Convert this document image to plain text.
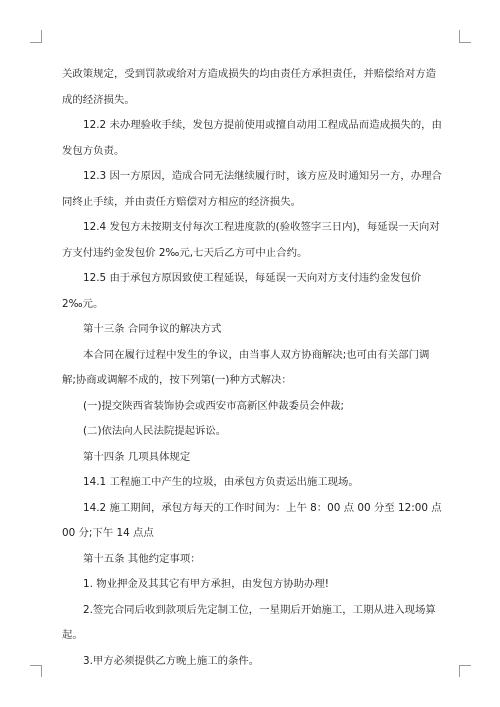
关政策规定，受到罚款或给对方造成损失的均由责任方承担责任，并赔偿给对方造成的经济损失。

12.2 未办理验收手续，发包方提前使用或擅自动用工程成品而造成损失的，由发包方负责。

12.3 因一方原因，造成合同无法继续履行时，该方应及时通知另一方，办理合同终止手续，并由责任方赔偿对方相应的经济损失。

12.4 发包方未按期支付每次工程进度款的(验收签字三日内)，每延误一天向对方支付违约金发包价 2‰元,七天后乙方可中止合约。

12.5 由于承包方原因致使工程延误，每延误一天向对方支付违约金发包价 2‰元。

第十三条 合同争议的解决方式

本合同在履行过程中发生的争议，由当事人双方协商解决;也可由有关部门调解;协商或调解不成的，按下列第(一)种方式解决：

(一)提交陕西省装饰协会或西安市高新区仲裁委员会仲裁;

(二)依法向人民法院提起诉讼。

第十四条 几项具体规定

14.1 工程施工中产生的垃圾，由承包方负责运出施工现场。

14.2 施工期间，承包方每天的工作时间为：上午 8：00 点 00 分至 12:00 点 00 分;下午 14 点点

第十五条 其他约定事项：

1. 物业押金及其其它有甲方承担，由发包方协助办理!

2.签完合同后收到款项后先定制工位，一星期后开始施工，工期从进入现场算起。

3.甲方必须提供乙方晚上施工的条件。
